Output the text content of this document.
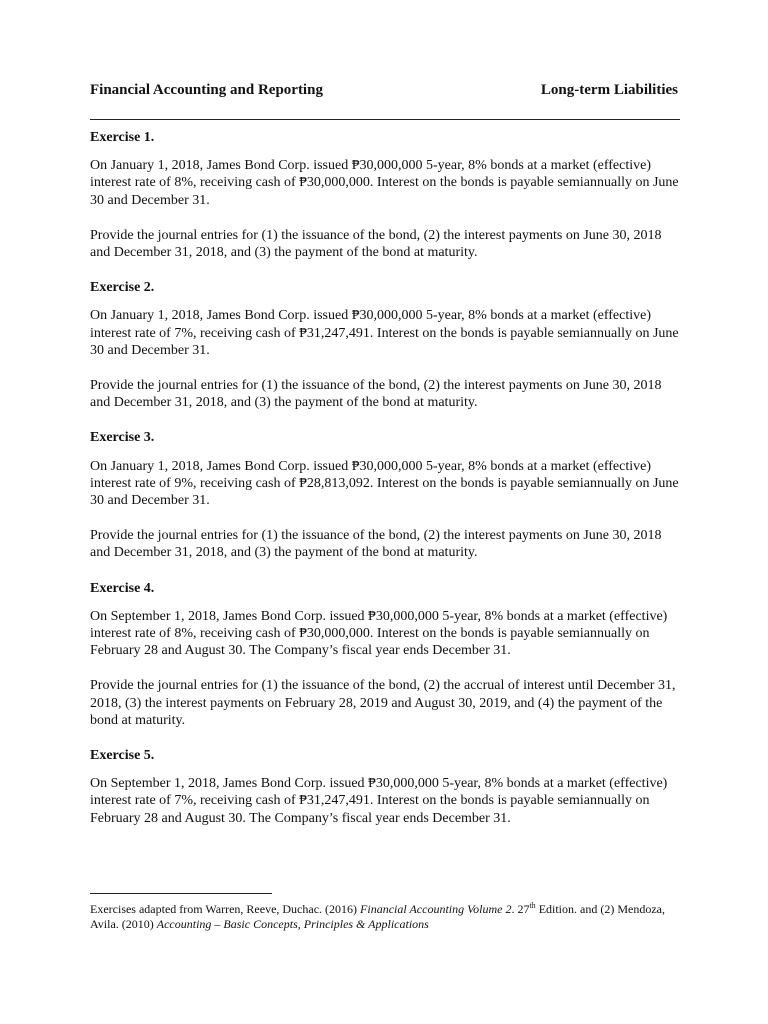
Financial Accounting and Reporting	Long-term Liabilities
Exercise 1.

On January 1, 2018, James Bond Corp. issued ₱30,000,000 5-year, 8% bonds at a market (effective) interest rate of 8%, receiving cash of ₱30,000,000. Interest on the bonds is payable semiannually on June 30 and December 31.

Provide the journal entries for (1) the issuance of the bond, (2) the interest payments on June 30, 2018 and December 31, 2018, and (3) the payment of the bond at maturity.

Exercise 2.

On January 1, 2018, James Bond Corp. issued ₱30,000,000 5-year, 8% bonds at a market (effective) interest rate of 7%, receiving cash of ₱31,247,491. Interest on the bonds is payable semiannually on June 30 and December 31.

Provide the journal entries for (1) the issuance of the bond, (2) the interest payments on June 30, 2018 and December 31, 2018, and (3) the payment of the bond at maturity.

Exercise 3.

On January 1, 2018, James Bond Corp. issued ₱30,000,000 5-year, 8% bonds at a market (effective) interest rate of 9%, receiving cash of ₱28,813,092. Interest on the bonds is payable semiannually on June 30 and December 31.

Provide the journal entries for (1) the issuance of the bond, (2) the interest payments on June 30, 2018 and December 31, 2018, and (3) the payment of the bond at maturity.

Exercise 4.

On September 1, 2018, James Bond Corp. issued ₱30,000,000 5-year, 8% bonds at a market (effective) interest rate of 8%, receiving cash of ₱30,000,000. Interest on the bonds is payable semiannually on February 28 and August 30. The Company’s fiscal year ends December 31.

Provide the journal entries for (1) the issuance of the bond, (2) the accrual of interest until December 31, 2018, (3) the interest payments on February 28, 2019 and August 30, 2019, and (4) the payment of the bond at maturity.

Exercise 5.

On September 1, 2018, James Bond Corp. issued ₱30,000,000 5-year, 8% bonds at a market (effective) interest rate of 7%, receiving cash of ₱31,247,491. Interest on the bonds is payable semiannually on February 28 and August 30. The Company’s fiscal year ends December 31.

Exercises adapted from Warren, Reeve, Duchac. (2016) Financial Accounting Volume 2. 27th Edition. and (2) Mendoza, Avila. (2010) Accounting – Basic Concepts, Principles & Applications
